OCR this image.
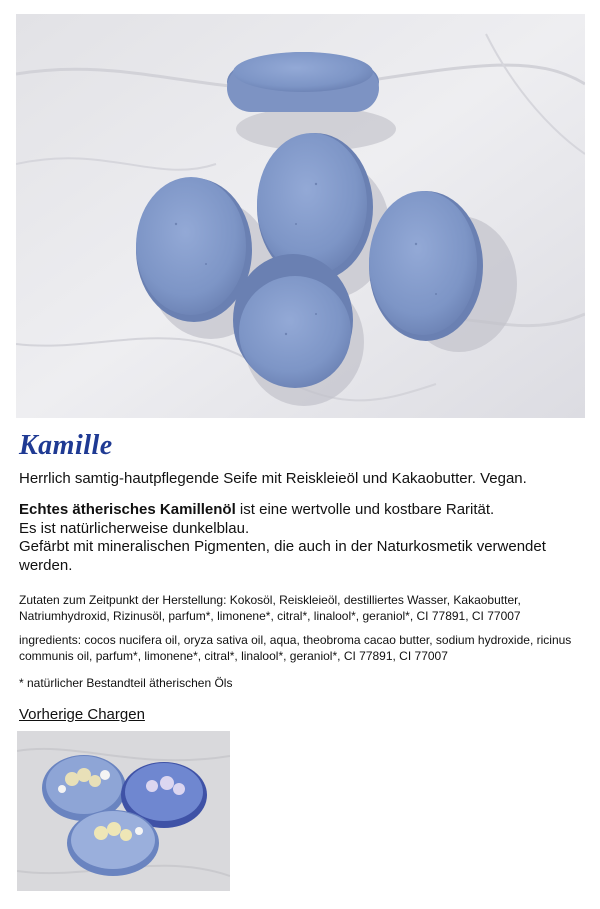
Kamille

Herrlich samtig-hautpflegende Seife mit Reiskleieöl und Kakaobutter. Vegan.

Echtes ätherisches Kamillenöl ist eine wertvolle und kostbare Rarität.

Es ist natürlicherweise dunkelblau.

Gefärbt mit mineralischen Pigmenten, die auch in der Naturkosmetik verwendet werden.

Zutaten zum Zeitpunkt der Herstellung: Kokosöl, Reiskleieöl, destilliertes Wasser, Kakaobutter, Natriumhydroxid, Rizinusöl, parfum*, limonene*, citral*, linalool*, geraniol*, CI 77891, CI 77007

ingredients: cocos nucifera oil, oryza sativa oil, aqua, theobroma cacao butter, sodium hydroxide, ricinus communis oil, parfum*, limonene*, citral*, linalool*, geraniol*, CI 77891, CI 77007

* natürlicher Bestandteil ätherischen Öls

Vorherige Chargen
